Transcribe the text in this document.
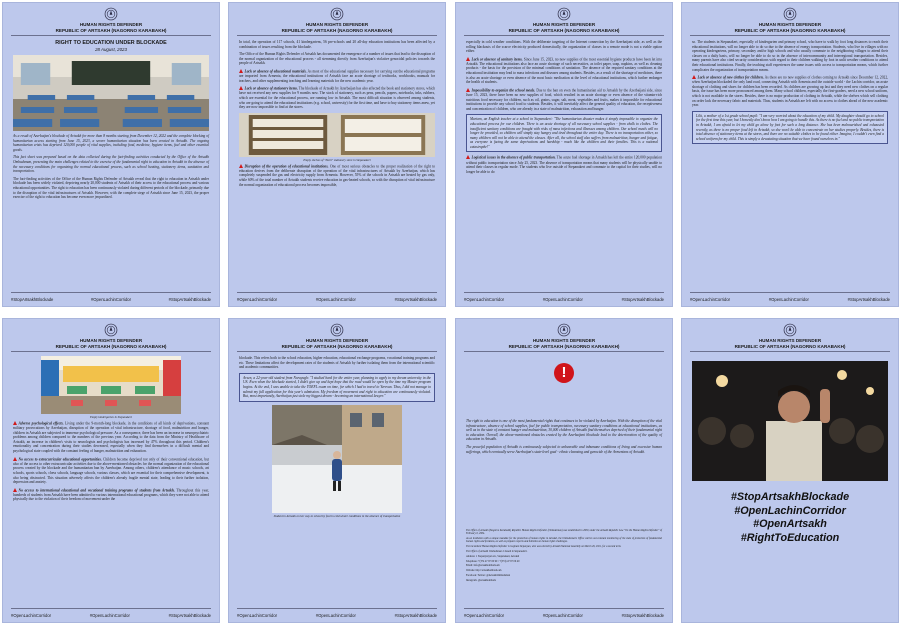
HUMAN RIGHTS DEFENDER
REPUBLIC OF ARTSAKH (NAGORNO KARABAKH)
RIGHT TO EDUCATION UNDER BLOCKADE
28 August, 2023
As a result of Azerbaijan's blockade of Artsakh for more than 8 months starting from December 12, 2022 and the complete blocking of humanitarian access starting from June 15, 2023, a severe humanitarian situation has been created in Artsakh. The ongoing humanitarian crisis has deprived 120,000 people of vital supplies, including food, medicine, hygiene items, fuel and other essential goods.
This fact sheet was prepared based on the data collected during the fact-finding activities conducted by the Office of the Artsakh Ombudsman, presenting the main challenges related to the exercise of the fundamental right to education in Artsakh in the absence of the necessary conditions for organizing the normal educational process, such as school heating, stationery items, sanitation and transportation.
The fact-finding activities of the Office of the Human Rights Defender of Artsakh reveal that the right to education in Artsakh under blockade has been widely violated, depriving nearly 20,000 students of Artsakh of their access to the educational process and various educational opportunities. The right to education has been continuously violated during different periods of the blockade, primarily due to the disruption of the vital infrastructures of Artsakh. However, with the complete siege of Artsakh since June 15, 2023, the proper exercise of the right to education has become even more jeopardized.
#StopArtsakhBlockade	#OpenLachinCorridor	#StopArtsakhBlockade
HUMAN RIGHTS DEFENDER
REPUBLIC OF ARTSAKH (NAGORNO KARABAKH)
In total, the operation of 117 schools, 41 kindergartens, 56 pre-schools and 20 all-day education institutions has been affected by a combination of issues resulting from the blockade.
The Office of the Human Rights Defender of Artsakh has documented the emergence of a number of issues that lead to the disruption of the normal organization of the educational process - all stemming directly from Azerbaijan's violative genocidal policies towards the people of Artsakh.
Lack or absence of educational materials. As most of the educational supplies necessary for carrying out the educational programs are imported from Armenia, the educational institutions of Artsakh face an acute shortage of textbooks, workbooks, manuals for teachers, and other supplementing teaching and learning materials for the new academic year.
Lack or absence of stationery items. The blockade of Artsakh by Azerbaijan has also affected the book and stationery stores, which have not received any new supplies for 9 months now. The stock of stationery, such as pens, pencils, papers, notebooks, inks, rubbers, which are essential for the educational process, are running low in Artsakh. The most difficult situation is observed among students, who are going to attend the educational institutions (e.g. school, university) for the first time, and have to buy stationery items anew, yet they are now impossible to find at the stores.
Empty shelves of "Nairi" stationery store in Stepanakert
Disruption of the operation of educational institutions. One of most serious obstacles to the proper realization of the right to education derives from the deliberate disruption of the operation of the vital infrastructures of Artsakh by Azerbaijan, which has completely suspended the gas and electricity supply from Armenia. However, 55% of the schools in Artsakh are heated by gas only, while 60% of the total number of Artsakh students receive education in gas-heated schools, so with the disruption of vital infrastructure the normal organization of educational process becomes impossible,
#OpenLachinCorridor	#OpenLachinCorridor	#StopArtsakhBlockade
HUMAN RIGHTS DEFENDER
REPUBLIC OF ARTSAKH (NAGORNO KARABAKH)
especially in cold weather conditions. With the deliberate targeting of the Internet connection by the Azerbaijani side, as well as the rolling blackouts of the scarce electricity produced domestically, the organization of classes in a remote mode is not a viable option either.
Lack or absence of sanitary items. Since June 15, 2023, no new supplies of the most essential hygiene products have been let into Artsakh. The educational institutions also face an acute shortage of such necessities, as toilet paper, soap, napkins, as well as cleaning products - the basis for the provision of the minimal conditions of sanitation. The absence of the required sanitary conditions at the educational institution may lead to mass infections and diseases among students. Besides, as a result of the shortage of medicines, there is also an acute shortage or even absence of the most basic medication at the level of educational institutions, which further endanger the health of students.
Impossibility to organize the school meals. Due to the ban on even the humanitarian aid to Artsakh by the Azerbaijani side, since June 15, 2023, there have been no new supplies of food, which resulted in an acute shortage or even absence of the vitamin-rich nutritious food necessary for children, such as oil, grains, sugar, salt, meat, vegetables and fruits, makes it impossible for educational institutions to provide any school food to students. Besides, it will inevitably affect the general quality of education, the receptiveness and concentration of children, who are already in a state of malnutrition, exhaustion and hunger.
Mariam, an English teacher at a school in Stepanakert: "The humanitarian disaster makes it simply impossible to organize the educational process for our children. There is an acute shortage of all necessary school supplies - from chalk to clothes. The insufficient sanitary conditions are fraught with risks of mass infections and illnesses among children. Our school meals will no longer be provided, so children will simply stay hungry and tired throughout the entire day. There is no transportation either, so many children will not be able to attend the classes. After all, the school staff also suffers from malnutrition, hunger and fatigue, as everyone is facing the same deprivations and hardship - much like the children and their families. This is a national catastrophe!"
Logistical issues in the absence of public transportation. The acute fuel shortage in Artsakh has left the entire 120,000 population without public transportation since July 25, 2023. The absence of transportation means that many students will be physically unable to attend their classes in regular mode. The students who live outside of Stepanakert and commute to the capital for their studies, will no longer be able to do
#OpenLachinCorridor	#OpenLachinCorridor	#StopArtsakhBlockade
HUMAN RIGHTS DEFENDER
REPUBLIC OF ARTSAKH (NAGORNO KARABAKH)
so. The students in Stepanakert, especially of kindergarten and primary school, who have to walk by foot long distances to reach their educational institutions, will no longer able to do so due to the absence of energy transportation. Students, who live in villages with no operating kindergartens, primary, secondary and/or high schools and who usually commute to the neighboring villages to attend their classes on a daily basis, will no longer be able to do so in the absence of intercommunity and interregional transportation. Besides, many parents have also cited security considerations with regard to their children walking by foot in unlit weather conditions to attend their educational institutions. Finally, the teaching staff experiences the same issues with access to transportation means, which further complicates the organization of transportation means.
Lack or absence of new clothes for children. As there are no new supplies of clothes coming to Artsakh since December 12, 2022, when Azerbaijan blockaded the only land road, connecting Artsakh with Armenia and the outside world - the Lachin corridor, an acute shortage of clothing and shoes for children has been recorded. As children are growing up fast and they need new clothes on a regular basis, the issue has been more pronounced among them. Many school children, especially the first-graders, need a new school uniform, which is not available in the stores. Besides, there is no major production of clothing in Artsakh, while the shelves which sell clothing on order lack the necessary fabric and materials. Thus, students in Artsakh are left with no access to clothes ahead of the new academic year.
Lilit, a mother of a 1st grade school pupil: "I am very worried about the education of my child. My daughter should go to school for the first time this year, but I honestly don't know how I am going to handle this. As there is no fuel and no public transportation in Artsakh, I am afraid to let my child go alone by foot for such a long distance. She has been malnourished and exhausted recently, as there is no proper food left in Artsakh, so she won't be able to concentrate on her studies properly. Besides, there is total absence of stationery items at the stores, and there are no suitable clothes to be found either. Imagine, I couldn't even find a school uniform for my child. This is simply a devastating situation that we have found ourselves in."
#OpenLachinCorridor	#OpenLachinCorridor	#StopArtsakhBlockade
HUMAN RIGHTS DEFENDER
REPUBLIC OF ARTSAKH (NAGORNO KARABAKH)
Empty kindergarten in Stepanakert
Adverse psychological effects. Living under the 9-month-long blockade, in the conditions of all kinds of deprivations, constant military provocations by Azerbaijan, disruption of the operation of vital infrastructure, shortage of food, malnutrition and hunger, children in Artsakh are subjected to immense psychological pressure. As a consequence, there has been an increase in neuropsychiatric problems among children compared to the numbers of the previous year. According to the data from the Ministry of Healthcare of Artsakh, an increase in children's visits to neurologists and psychologists has increased by 47% throughout this period. Children's emotionality and concentration during their studies decreased, especially when they find themselves in a difficult mental and psychological state coupled with the constant feeling of hunger, malnutrition and exhaustion.
No access to extracurricular educational opportunities. Children become deprived not only of their conventional education, but also of the access to other extracurricular activities due to the above-mentioned obstacles for the normal organization of the educational process created by the blockade and the humanitarian ban by Azerbaijan. Among others, children's attendance of music schools, art schools, sports schools, chess schools, language schools, various classes, which are essential for their comprehensive development, is also being obstructed. This situation adversely affects the children's already fragile mental state, leading to their further isolation, depression and anxiety.
No access to international educational and vocational training programs of students from Artsakh. Throughout this year, hundreds of students from Artsakh have been admitted to various international educational programs, which they were not able to attend physically due to the violation of their freedom of movement under the
#OpenLachinCorridor	#OpenLachinCorridor	#StopArtsakhBlockade
HUMAN RIGHTS DEFENDER
REPUBLIC OF ARTSAKH (NAGORNO KARABAKH)
blockade. This refers both to the school education, higher education, educational exchange programs, vocational training programs and etc. These limitations affect the development rates of the students of Artsakh by further isolating them from the international scientific and academic communities.
Arsen, a 22-year-old student from Norayugh: "I studied hard for the entire year, planning to apply to my dream university in the US. Even when the blockade started, I didn't give up and kept hope that the road would be open by the time my Master program begins. At the end, I was unable to take the TOEFL exam on time, for which I had to travel to Yerevan. Thus, I did not manage to submit my full application for this year's admission. My freedom of movement and right to education are continuously violated. But, most importantly, Azerbaijan just stole my biggest dream - becoming an international lawyer."
Student in Artsakh on her way to school by foot in cold winter conditions in the absence of transportation
#OpenLachinCorridor	#OpenLachinCorridor	#StopArtsakhBlockade
HUMAN RIGHTS DEFENDER
REPUBLIC OF ARTSAKH (NAGORNO KARABAKH)
!
The right to education is one of the most fundamental rights that continues to be violated by Azerbaijan. With the disruption of the vital infrastructure, absence of school supplies, fuel for public transportation, necessary sanitary conditions at educational institutions, as well as in the state of constant hunger and malnutrition, 30,000 children of Artsakh find themselves deprived of their fundamental right to education. Overall, the above-mentioned obstacles created by the Azerbaijani blockade lead to the deterioration of the quality of education in Artsakh.
The peaceful population of Artsakh is continuously subjected to unbearable and inhumane conditions of living and excessive human sufferings, which eventually serve Azerbaijan's state-level goal - ethnic cleansing and genocide of the Armenians of Artsakh.
The Office of Artsakh (Nagorno Karabakh) Republic Human Rights Defender (Ombudsman) was established in 2000, under the Artsakh Republic Law "On the Human Rights Defender" of February 6, 2004.
As an institution with a unique mandate for the protection of human rights in Artsakh, the Ombudsman's Office carries out constant monitoring of the state of protection of fundamental human rights and freedoms, as well as prepares reports and bulletins on human rights challenges.
The incumbent Human Rights Defender is Gegham Stepanyan, who was elected by Artsakh National Assembly on March 26, 2021, for a second term.
The Office of Artsakh Ombudsman is based in Stepanakert.
Address: 1 Stepanyanyan str., Stepanakert, Artsakh
Telephone: +(374 47 97 00 90 / +(374) 47 97 00 40
Email: info@artsakhombuds.am
Website: http://artsakhombuds.am
Facebook: Twitter: @ArtsakhOmbudsman
Instagram: @artsakhombuds
#OpenLachinCorridor	#OpenLachinCorridor	#StopArtsakhBlockade
HUMAN RIGHTS DEFENDER
REPUBLIC OF ARTSAKH (NAGORNO KARABAKH)
#StopArtsakhBlockade
#OpenLachinCorridor
#OpenArtsakh
#RightToEducation
